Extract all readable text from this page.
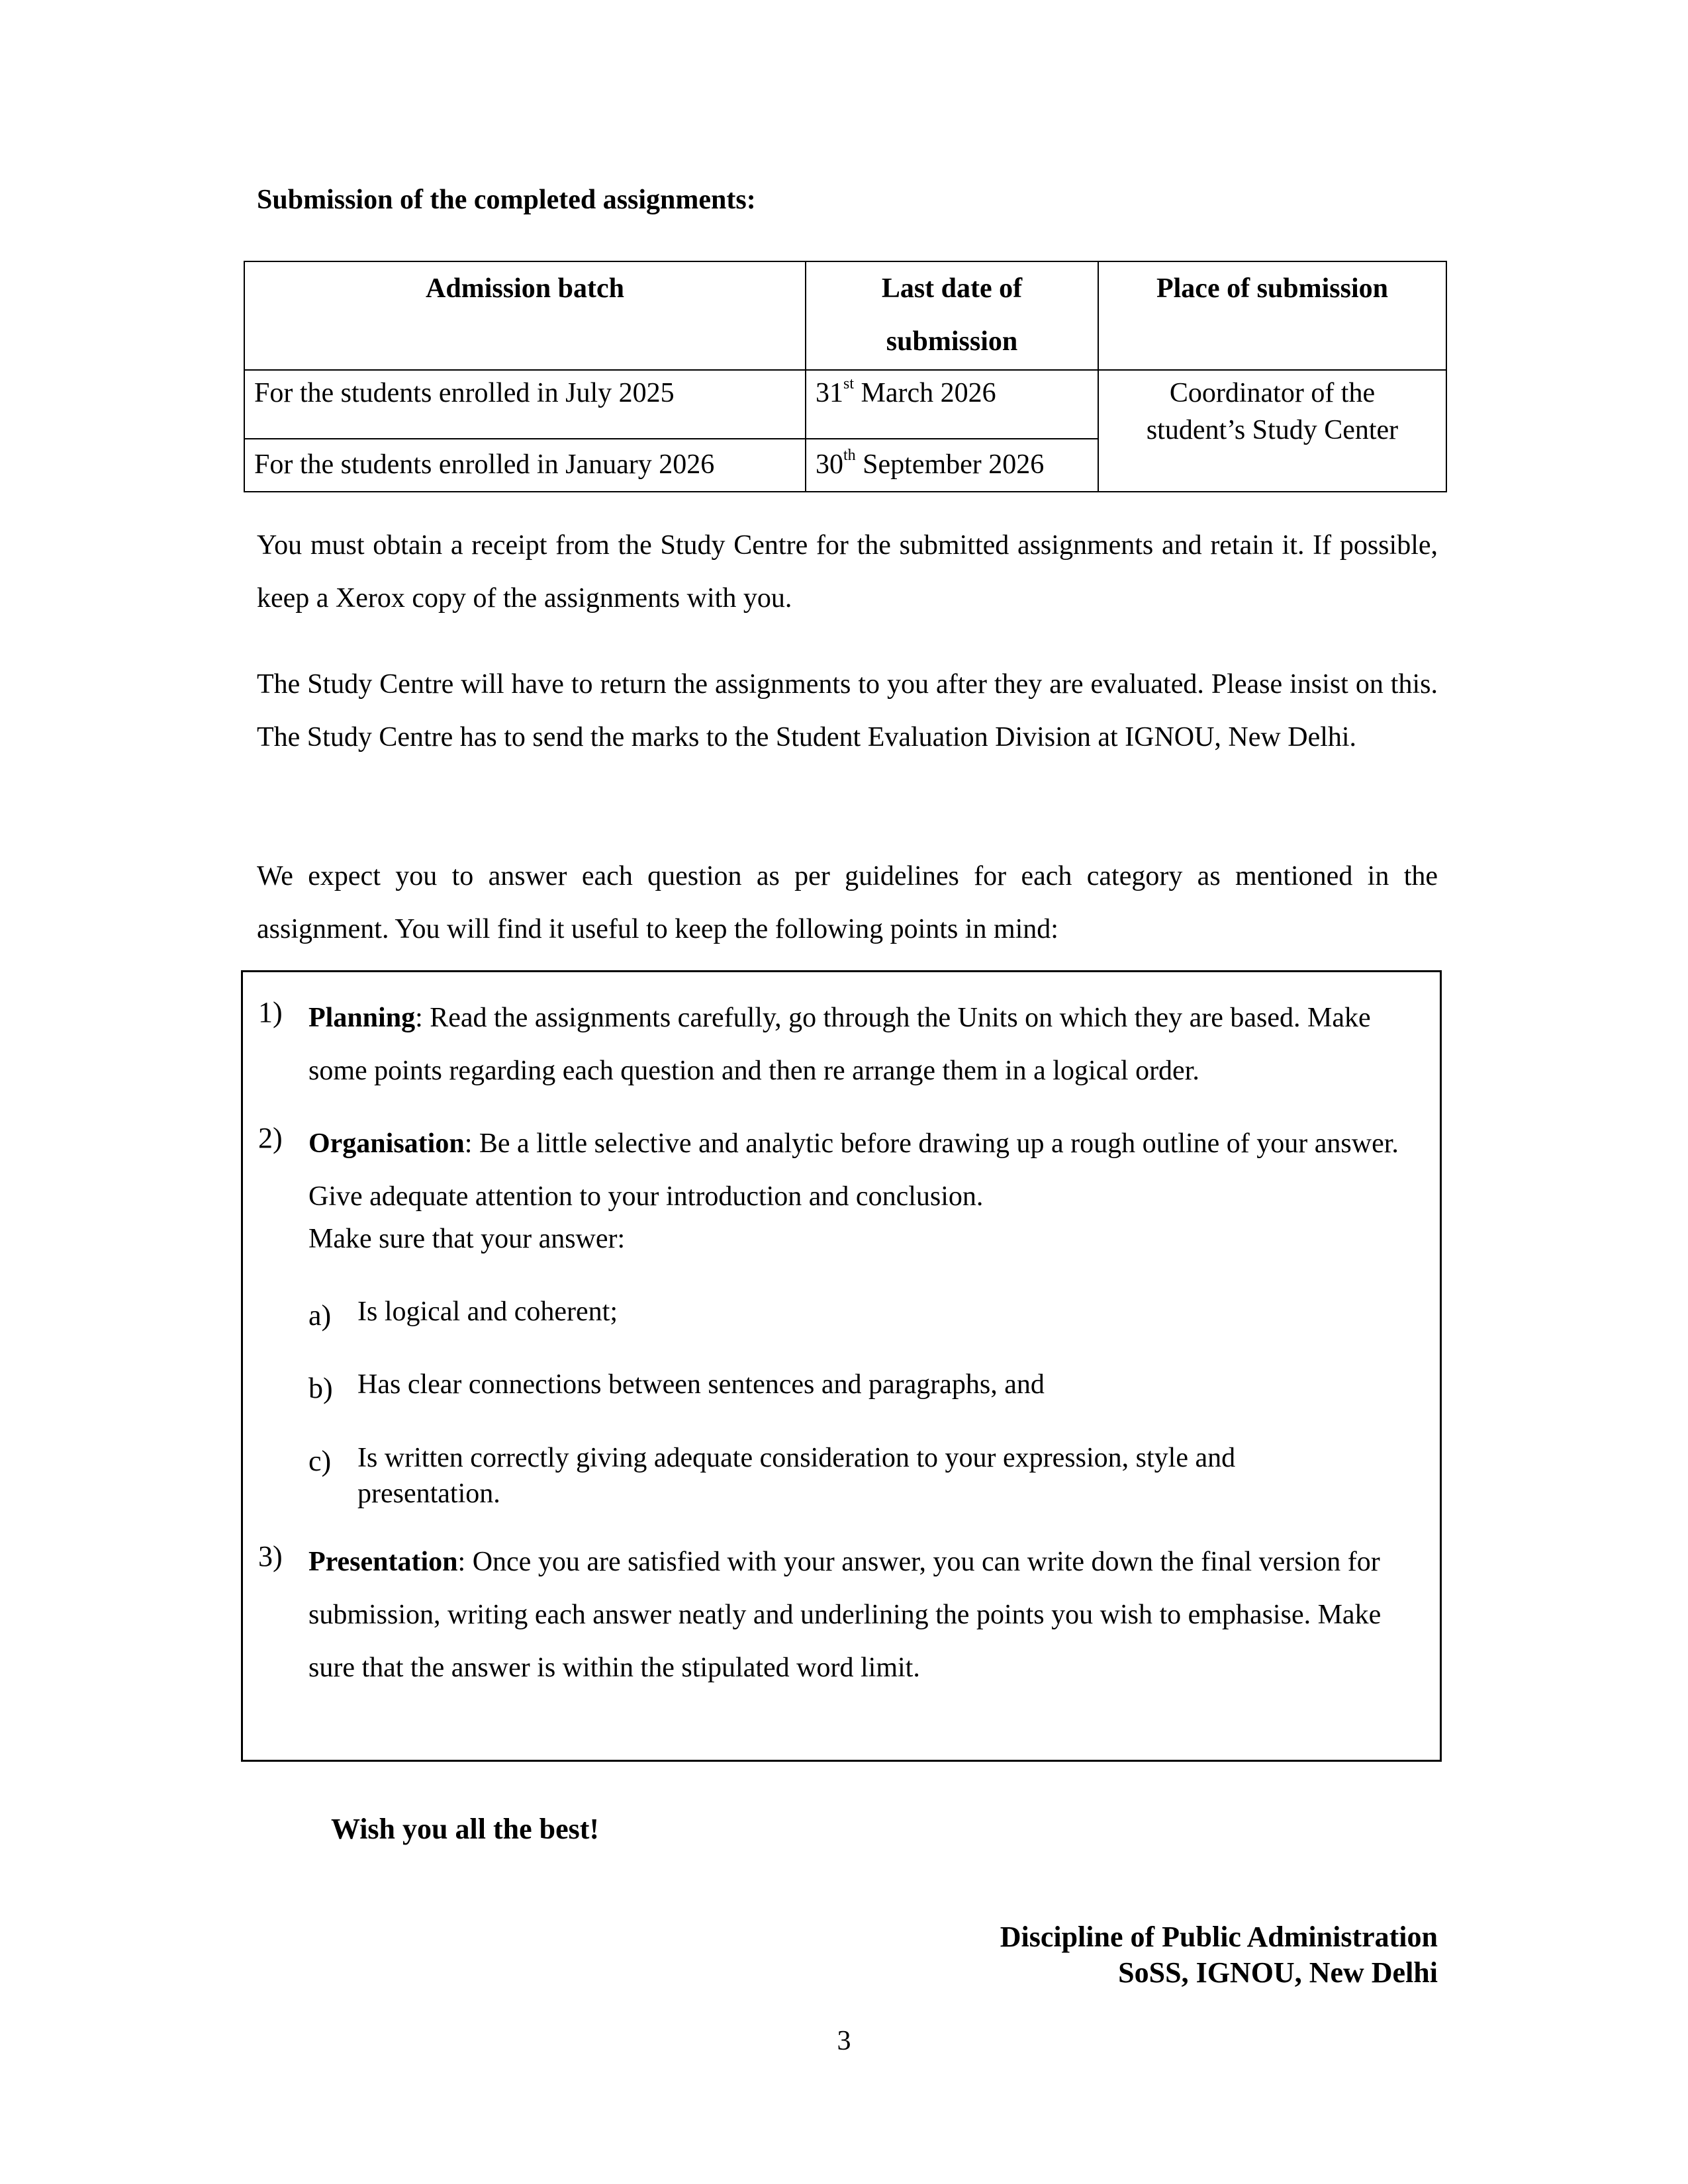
Submission of the completed assignments:
Admission batch	Last date of submission	Place of submission
For the students enrolled in July 2025	31st March 2026	Coordinator of the student’s Study Center
For the students enrolled in January 2026	30th September 2026	
You must obtain a receipt from the Study Centre for the submitted assignments and retain it. If possible, keep a Xerox copy of the assignments with you.
The Study Centre will have to return the assignments to you after they are evaluated. Please insist on this. The Study Centre has to send the marks to the Student Evaluation Division at IGNOU, New Delhi.
We expect you to answer each question as per guidelines for each category as mentioned in the assignment. You will find it useful to keep the following points in mind:
1) Planning: Read the assignments carefully, go through the Units on which they are based. Make some points regarding each question and then re arrange them in a logical order.
2) Organisation: Be a little selective and analytic before drawing up a rough outline of your answer. Give adequate attention to your introduction and conclusion.
Make sure that your answer:
a) Is logical and coherent;
b) Has clear connections between sentences and paragraphs, and
c) Is written correctly giving adequate consideration to your expression, style and presentation.
3) Presentation: Once you are satisfied with your answer, you can write down the final version for submission, writing each answer neatly and underlining the points you wish to emphasise. Make sure that the answer is within the stipulated word limit.
Wish you all the best!
Discipline of Public Administration
SoSS, IGNOU, New Delhi
3
